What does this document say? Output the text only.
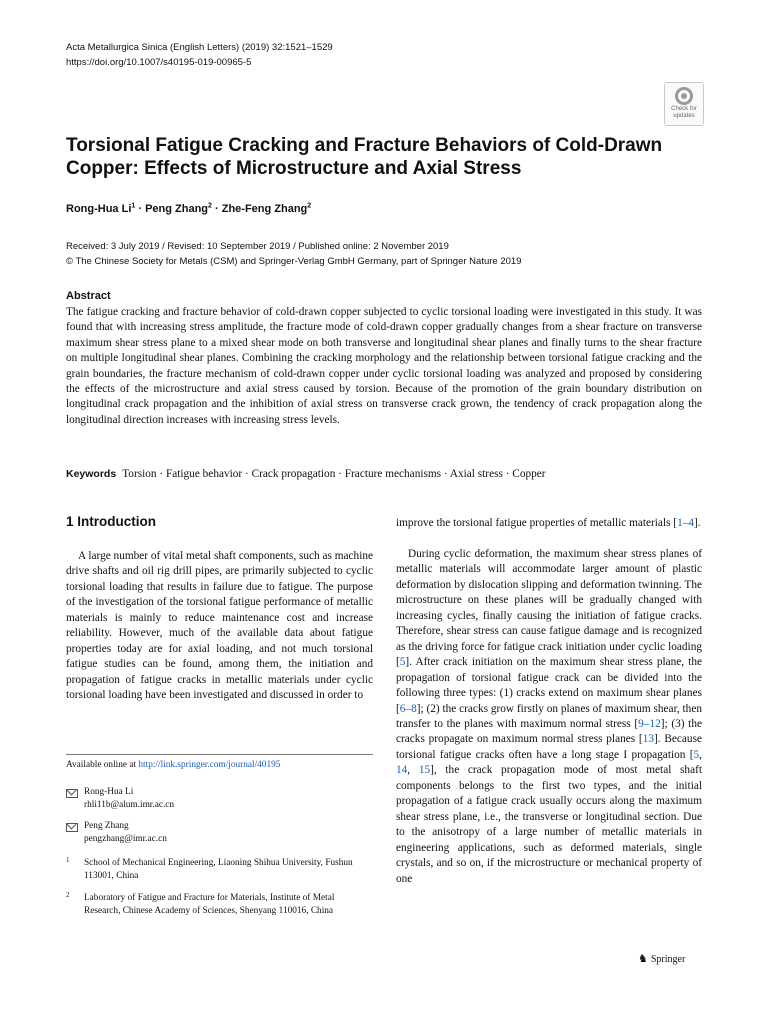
Acta Metallurgica Sinica (English Letters) (2019) 32:1521–1529
https://doi.org/10.1007/s40195-019-00965-5
Check for
updates
Torsional Fatigue Cracking and Fracture Behaviors of Cold-Drawn Copper: Effects of Microstructure and Axial Stress
Rong-Hua $Li^1$ · Peng Zhang$^2$ · Zhe-Feng Zhang$^2$
Received: 3 July 2019 / Revised: 10 September 2019 / Published online: 2 November 2019
© The Chinese Society for Metals (CSM) and Springer-Verlag GmbH Germany, part of Springer Nature 2019
Abstract

The fatigue cracking and fracture behavior of cold-drawn copper subjected to cyclic torsional loading were investigated in this study. It was found that with increasing stress amplitude, the fracture mode of cold-drawn copper gradually changes from a shear fracture on transverse maximum shear stress plane to a mixed shear mode on both transverse and longitudinal shear planes and finally turns to the shear fracture on multiple longitudinal shear planes. Combining the cracking morphology and the relationship between torsional fatigue cracking and the grain boundaries, the fracture mechanism of cold-drawn copper under cyclic torsional loading was analyzed and proposed by considering the effects of the microstructure and axial stress caused by torsion. Because of the promotion of the grain boundary distribution on longitudinal crack propagation and the inhibition of axial stress on transverse crack grown, the tendency of crack propagation along the longitudinal direction increases with increasing stress levels.

Keywords Torsion · Fatigue behavior · Crack propagation · Fracture mechanisms · Axial stress · Copper
1 Introduction

A large number of vital metal shaft components, such as machine drive shafts and oil rig drill pipes, are primarily subjected to cyclic torsional loading that results in failure due to fatigue. The purpose of the investigation of the torsional fatigue performance of metallic materials is mainly to reduce maintenance cost and increase reliability. However, much of the available data about fatigue properties today are for axial loading, and not much torsional fatigue studies can be found, among them, the initiation and propagation of fatigue cracks in metallic materials under cyclic torsional loading have been investigated and discussed in order to

improve the torsional fatigue properties of metallic materials [1–4].

During cyclic deformation, the maximum shear stress planes of metallic materials will accommodate larger amount of plastic deformation by dislocation slipping and deformation twinning. The microstructure on these planes will be gradually changed with increasing cycles, finally causing the initiation of fatigue cracks. Therefore, shear stress can cause fatigue damage and is recognized as the driving force for fatigue crack initiation under cyclic loading [5]. After crack initiation on the maximum shear stress plane, the propagation of torsional fatigue crack can be divided into the following three types: (1) cracks extend on maximum shear planes [6–8]; (2) the cracks grow firstly on planes of maximum shear, then transfer to the planes with maximum normal stress [9–12]; (3) the cracks propagate on maximum normal stress planes [13]. Because torsional fatigue cracks often have a long stage I propagation [5, 14, 15], the crack propagation mode of most metal shaft components belongs to the first two types, and the initial propagation of a fatigue crack usually occurs along the maximum shear stress plane, i.e., the transverse or longitudinal section. Due to the anisotropy of a large number of metallic materials in engineering applications, such as deformed materials, single crystals, and so on, if the microstructure or mechanical property of one

Available online at http://link.springer.com/journal/40195
Rong-Hua Li
rhli11b@alum.imr.ac.cn
Peng Zhang
pengzhang@imr.ac.cn
1 School of Mechanical Engineering, Liaoning Shihua University, Fushun 113001, China
2 Laboratory of Fatigue and Fracture for Materials, Institute of Metal Research, Chinese Academy of Sciences, Shenyang 110016, China
♞ Springer
